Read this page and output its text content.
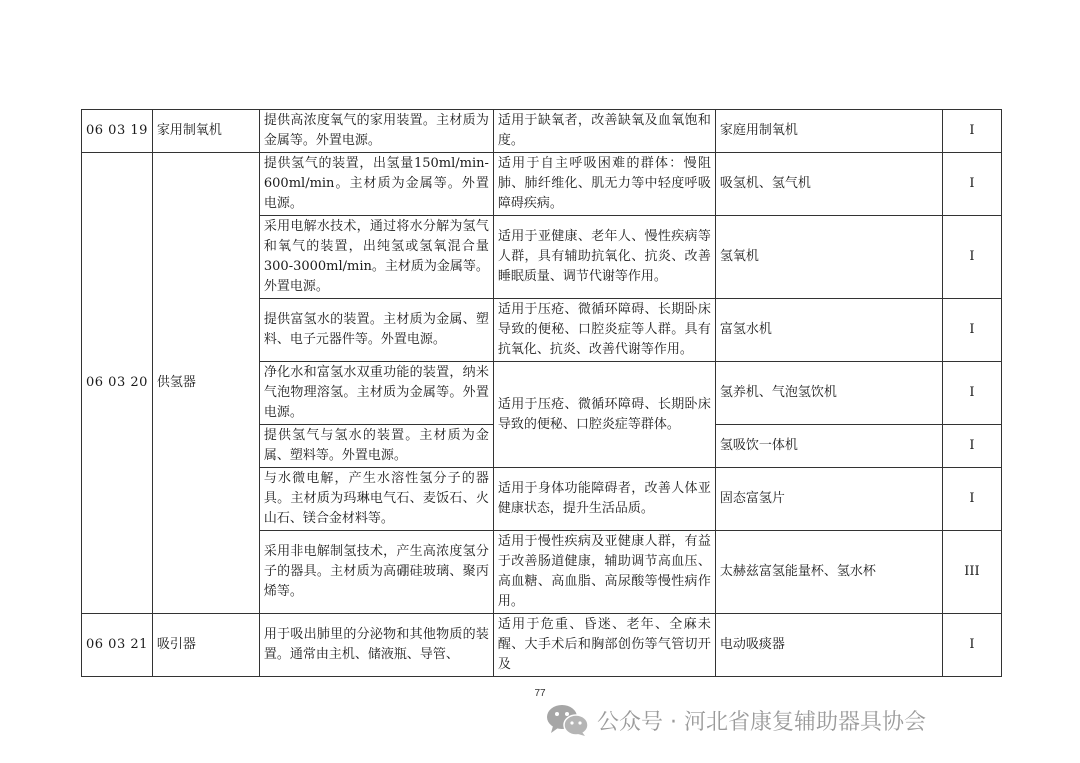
06 03 19	家用制氧机	提供高浓度氧气的家用装置。主材质为金属等。外置电源。	适用于缺氧者，改善缺氧及血氧饱和度。	家庭用制氧机	I
06 03 20	供氢器	提供氢气的装置，出氢量150ml/min-600ml/min。主材质为金属等。外置电源。	适用于自主呼吸困难的群体：慢阻肺、肺纤维化、肌无力等中轻度呼吸障碍疾病。	吸氢机、氢气机	I
		采用电解水技术，通过将水分解为氢气和氧气的装置，出纯氢或氢氧混合量300-3000ml/min。主材质为金属等。外置电源。	适用于亚健康、老年人、慢性疾病等人群，具有辅助抗氧化、抗炎、改善睡眠质量、调节代谢等作用。	氢氧机	I
		提供富氢水的装置。主材质为金属、塑料、电子元器件等。外置电源。	适用于压疮、微循环障碍、长期卧床导致的便秘、口腔炎症等人群。具有抗氧化、抗炎、改善代谢等作用。	富氢水机	I
		净化水和富氢水双重功能的装置，纳米气泡物理溶氢。主材质为金属等。外置电源。	适用于压疮、微循环障碍、长期卧床导致的便秘、口腔炎症等群体。	氢养机、气泡氢饮机	I
		提供氢气与氢水的装置。主材质为金属、塑料等。外置电源。		氢吸饮一体机	I
		与水微电解，产生水溶性氢分子的器具。主材质为玛琳电气石、麦饭石、火山石、镁合金材料等。	适用于身体功能障碍者，改善人体亚健康状态，提升生活品质。	固态富氢片	I
		采用非电解制氢技术，产生高浓度氢分子的器具。主材质为高硼硅玻璃、聚丙烯等。	适用于慢性疾病及亚健康人群，有益于改善肠道健康，辅助调节高血压、高血糖、高血脂、高尿酸等慢性病作用。	太赫兹富氢能量杯、氢水杯	III
06 03 21	吸引器	用于吸出肺里的分泌物和其他物质的装置。通常由主机、储液瓶、导管、	适用于危重、昏迷、老年、全麻未醒、大手术后和胸部创伤等气管切开及	电动吸痰器	I
77
公众号 · 河北省康复辅助器具协会
